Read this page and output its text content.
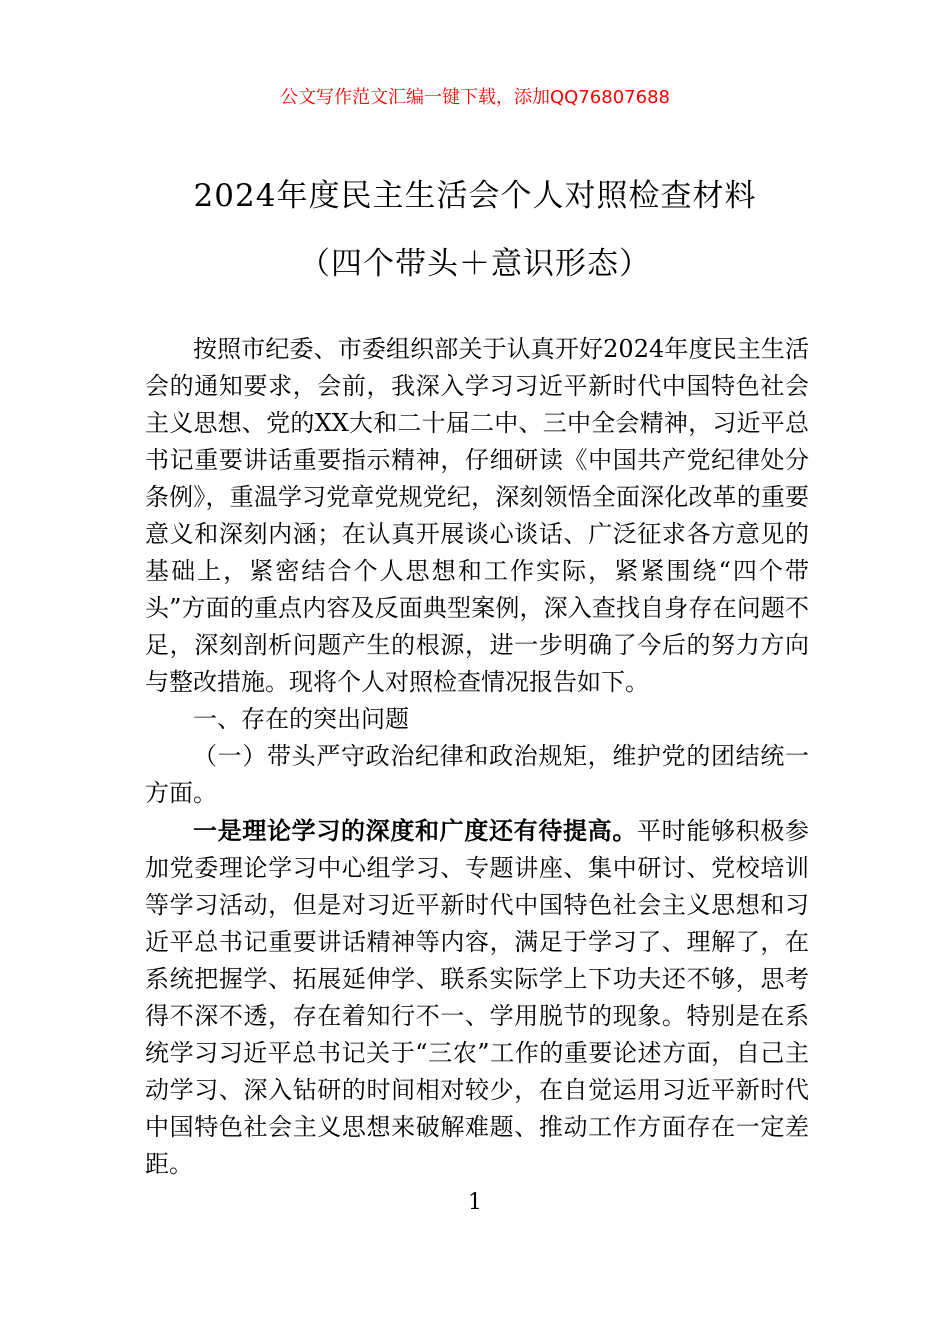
公文写作范文汇编一键下载，添加QQ76807688
2024年度民主生活会个人对照检查材料
（四个带头＋意识形态）

按照市纪委、市委组织部关于认真开好2024年度民主生活会的通知要求，会前，我深入学习习近平新时代中国特色社会主义思想、党的XX大和二十届二中、三中全会精神，习近平总书记重要讲话重要指示精神，仔细研读《中国共产党纪律处分条例》，重温学习党章党规党纪，深刻领悟全面深化改革的重要意义和深刻内涵；在认真开展谈心谈话、广泛征求各方意见的基础上，紧密结合个人思想和工作实际，紧紧围绕“四个带头”方面的重点内容及反面典型案例，深入查找自身存在问题不足，深刻剖析问题产生的根源，进一步明确了今后的努力方向与整改措施。现将个人对照检查情况报告如下。

一、存在的突出问题

（一）带头严守政治纪律和政治规矩，维护党的团结统一方面。

一是理论学习的深度和广度还有待提高。平时能够积极参加党委理论学习中心组学习、专题讲座、集中研讨、党校培训等学习活动，但是对习近平新时代中国特色社会主义思想和习近平总书记重要讲话精神等内容，满足于学习了、理解了，在系统把握学、拓展延伸学、联系实际学上下功夫还不够，思考得不深不透，存在着知行不一、学用脱节的现象。特别是在系统学习习近平总书记关于“三农”工作的重要论述方面，自己主动学习、深入钻研的时间相对较少，在自觉运用习近平新时代中国特色社会主义思想来破解难题、推动工作方面存在一定差距。

1
